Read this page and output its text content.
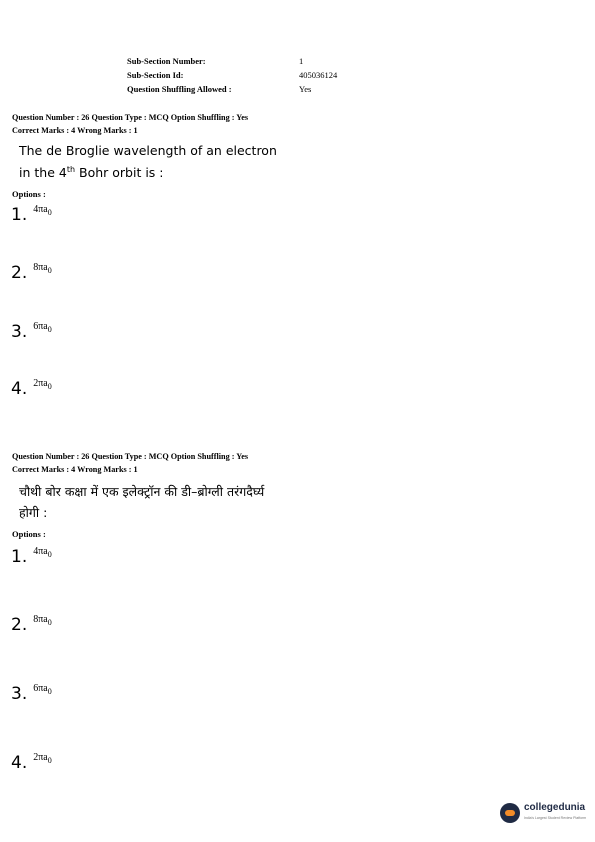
Sub-Section Number:	1
Sub-Section Id:	405036124
Question Shuffling Allowed :	Yes
Question Number : 26 Question Type : MCQ Option Shuffling : Yes
Correct Marks : 4 Wrong Marks : 1
The de Broglie wavelength of an electron
in the 4th Bohr orbit is :
Options :
1. $4\pi a_0$
2. $8\pi a_0$
3. $6\pi a_0$
4. $2\pi a_0$
Question Number : 26 Question Type : MCQ Option Shuffling : Yes
Correct Marks : 4 Wrong Marks : 1
चौथी बोर कक्षा में एक इलेक्ट्रॉन की डी–ब्रोग्ली तरंगदैर्घ्य
होगी :
Options :
1. $4\pi a_0$
2. $8\pi a_0$
3. $6\pi a_0$
4. $2\pi a_0$
collegedunia
India's Largest Student Review Platform
